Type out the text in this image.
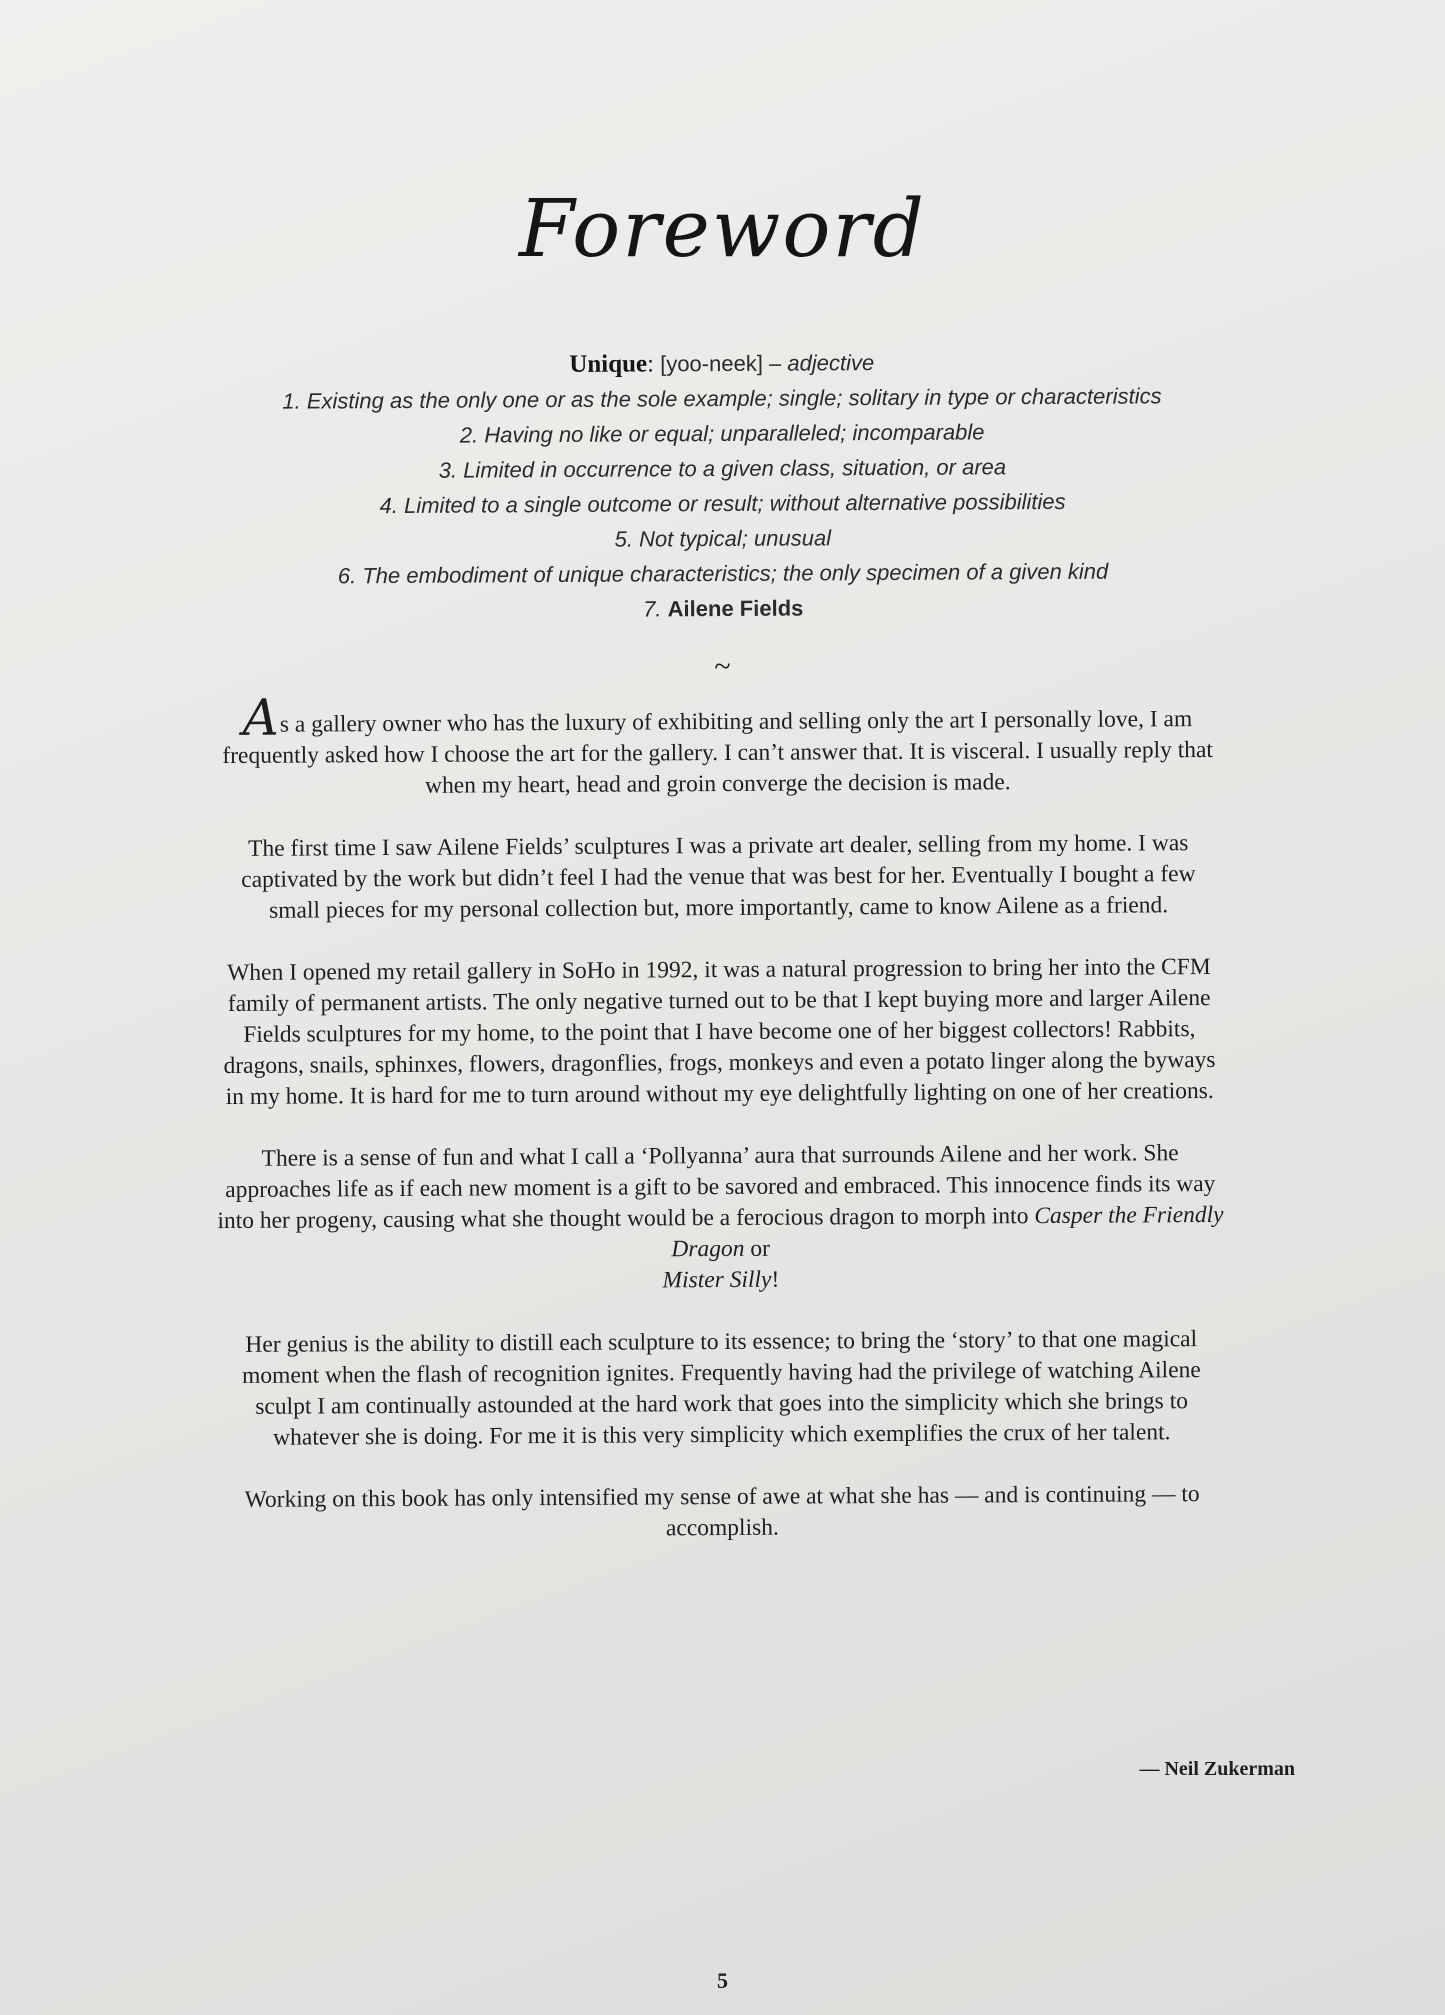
Foreword
Unique: [yoo-neek] – adjective
1. Existing as the only one or as the sole example; single; solitary in type or characteristics
2. Having no like or equal; unparalleled; incomparable
3. Limited in occurrence to a given class, situation, or area
4. Limited to a single outcome or result; without alternative possibilities
5. Not typical; unusual
6. The embodiment of unique characteristics; the only specimen of a given kind
7. Ailene Fields
~

As a gallery owner who has the luxury of exhibiting and selling only the art I personally love, I am frequently asked how I choose the art for the gallery. I can’t answer that. It is visceral. I usually reply that when my heart, head and groin converge the decision is made.

The first time I saw Ailene Fields’ sculptures I was a private art dealer, selling from my home. I was captivated by the work but didn’t feel I had the venue that was best for her. Eventually I bought a few small pieces for my personal collection but, more importantly, came to know Ailene as a friend.

When I opened my retail gallery in SoHo in 1992, it was a natural progression to bring her into the CFM family of permanent artists. The only negative turned out to be that I kept buying more and larger Ailene Fields sculptures for my home, to the point that I have become one of her biggest collectors! Rabbits, dragons, snails, sphinxes, flowers, dragonflies, frogs, monkeys and even a potato linger along the byways in my home. It is hard for me to turn around without my eye delightfully lighting on one of her creations.

There is a sense of fun and what I call a ‘Pollyanna’ aura that surrounds Ailene and her work. She approaches life as if each new moment is a gift to be savored and embraced. This innocence finds its way into her progeny, causing what she thought would be a ferocious dragon to morph into Casper the Friendly Dragon or
Mister Silly!

Her genius is the ability to distill each sculpture to its essence; to bring the ‘story’ to that one magical moment when the flash of recognition ignites. Frequently having had the privilege of watching Ailene sculpt I am continually astounded at the hard work that goes into the simplicity which she brings to whatever she is doing. For me it is this very simplicity which exemplifies the crux of her talent.

Working on this book has only intensified my sense of awe at what she has — and is continuing — to accomplish.

— Neil Zukerman
5
